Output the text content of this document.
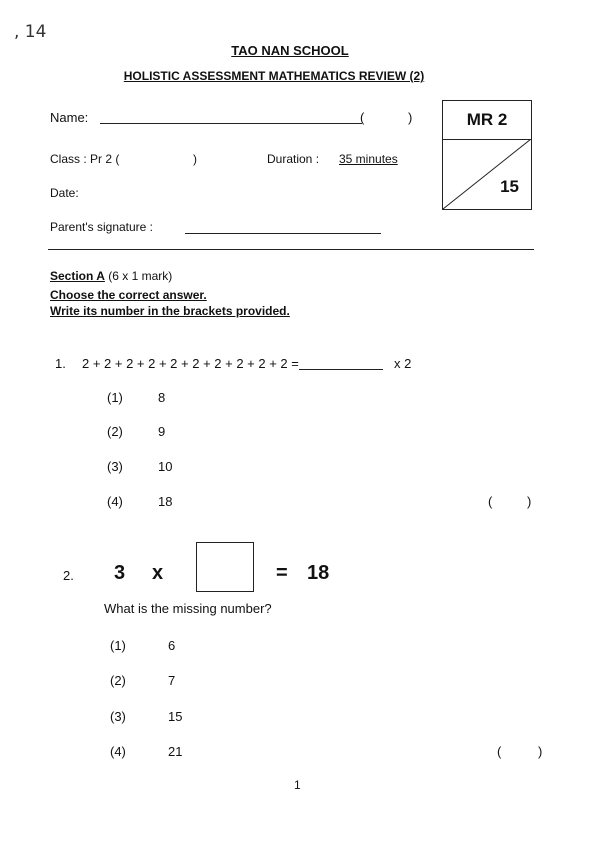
, 14
TAO NAN SCHOOL
HOLISTIC ASSESSMENT MATHEMATICS REVIEW (2)
Name:	(	)
Class : Pr 2 (	)	Duration : 35 minutes
Date:
Parent's signature :
MR 2
15
Section A (6 x 1 mark)
Choose the correct answer.
Write its number in the brackets provided.
1. 2 + 2 + 2 + 2 + 2 + 2 + 2 + 2 + 2 + 2 =	x 2
(1)	8
(2)	9
(3)	10
(4)	18	(	)
2. 3 x	= 18
What is the missing number?
(1)	6
(2)	7
(3)	15
(4)	21	(	)
1
